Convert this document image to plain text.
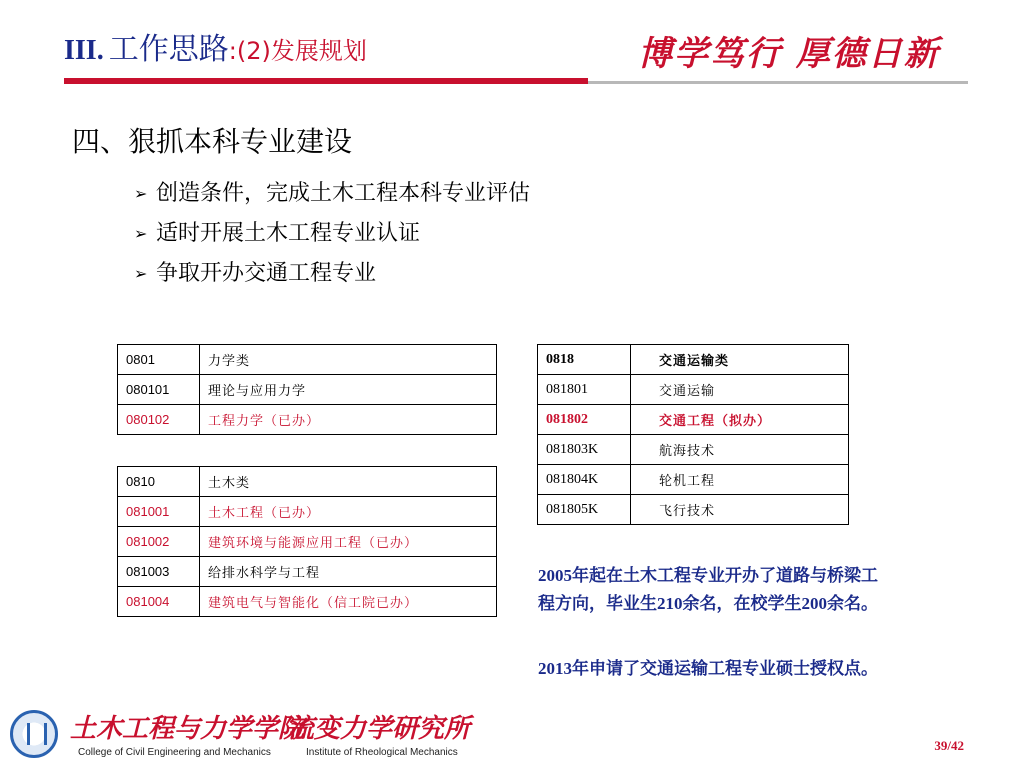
III. 工作思路:(2)发展规划	博学笃行 厚德日新
四、狠抓本科专业建设
➢ 创造条件，完成土木工程本科专业评估
➢ 适时开展土木工程专业认证
➢ 争取开办交通工程专业
0801	力学类
080101	理论与应用力学
080102	工程力学（已办）
0810	土木类
081001	土木工程（已办）
081002	建筑环境与能源应用工程（已办）
081003	给排水科学与工程
081004	建筑电气与智能化（信工院已办）
0818	交通运输类
081801	交通运输
081802	交通工程（拟办）
081803K	航海技术
081804K	轮机工程
081805K	飞行技术
2005年起在土木工程专业开办了道路与桥梁工程方向，毕业生210余名，在校学生200余名。
2013年申请了交通运输工程专业硕士授权点。
土木工程与力学学院
College of Civil Engineering and Mechanics
流变力学研究所
Institute of Rheological Mechanics	39/42
